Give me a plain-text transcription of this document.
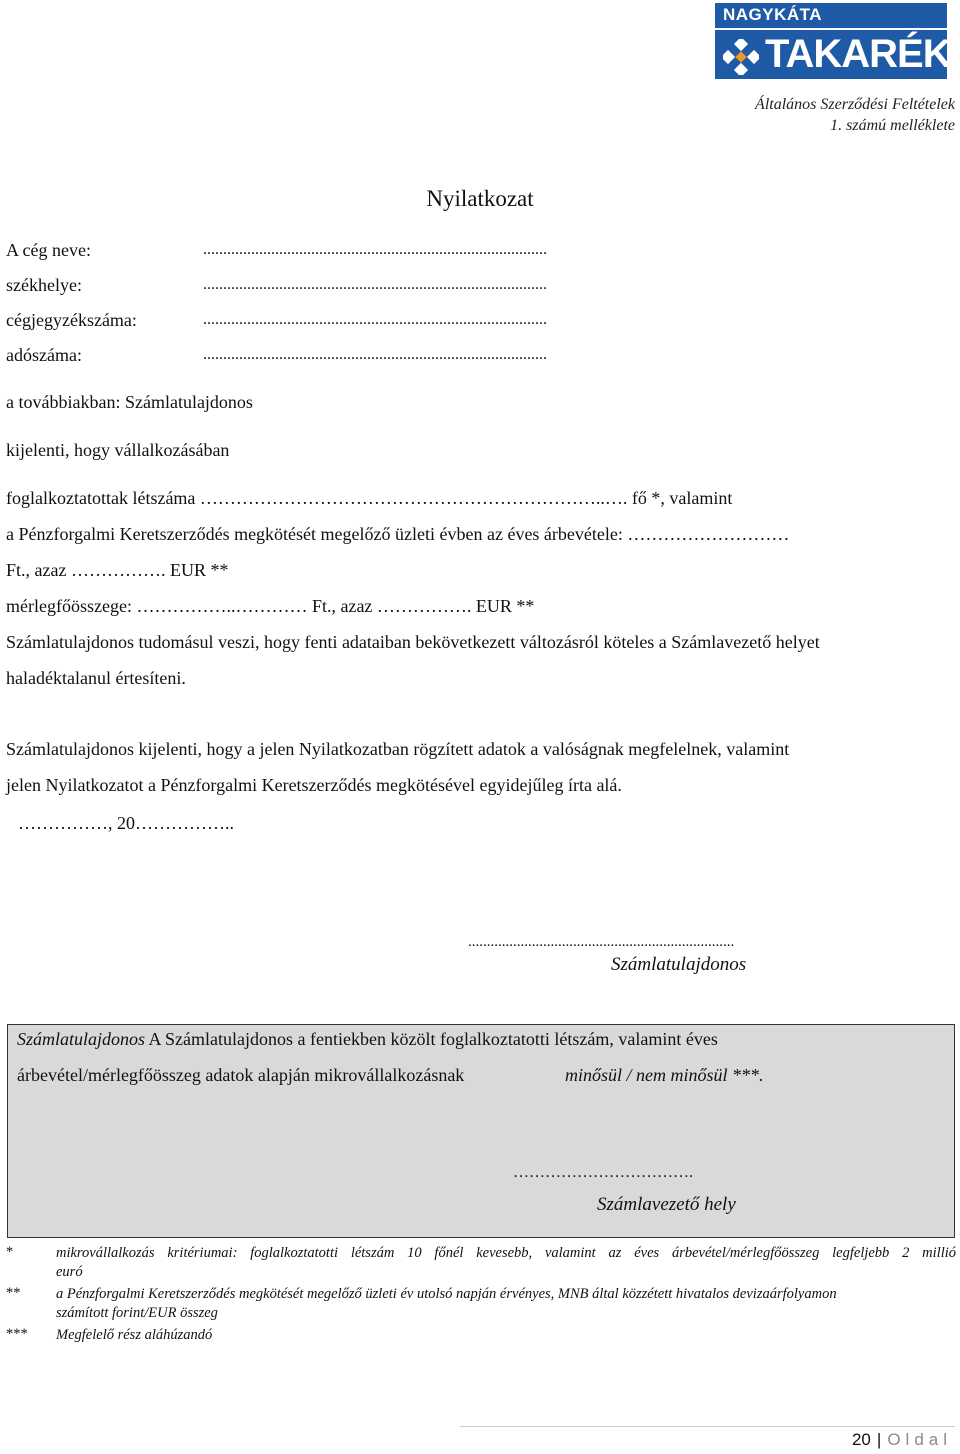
NAGYKÁTA
TAKARÉK
Általános Szerződési Feltételek
1. számú melléklete
Nyilatkozat
A cég neve:	......................................................................................
székhelye:	......................................................................................
cégjegyzékszáma:	......................................................................................
adószáma:	......................................................................................
a továbbiakban: Számlatulajdonos
kijelenti, hogy vállalkozásában
foglalkoztatottak létszáma …………………………………………………………..…. fő *, valamint
a Pénzforgalmi Keretszerződés megkötését megelőző üzleti évben az éves árbevétele: ………………………
Ft., azaz ……………. EUR **
mérlegfőösszege: ……………..………… Ft., azaz ……………. EUR **
Számlatulajdonos tudomásul veszi, hogy fenti adataiban bekövetkezett változásról köteles a Számlavezető helyet
haladéktalanul értesíteni.
Számlatulajdonos kijelenti, hogy a jelen Nyilatkozatban rögzített adatok a valóságnak megfelelnek, valamint
jelen Nyilatkozatot a Pénzforgalmi Keretszerződés megkötésével egyidejűleg írta alá.
……………, 20……………..
.......................................................................
Számlatulajdonos
Számlatulajdonos A Számlatulajdonos a fentiekben közölt foglalkoztatotti létszám, valamint éves
árbevétel/mérlegfőösszeg adatok alapján mikrovállalkozásnak	minősül / nem minősül ***.
…………………………….
Számlavezető hely
*	mikrovállalkozás kritériumai: foglalkoztatotti létszám 10 főnél kevesebb, valamint az éves árbevétel/mérlegfőösszeg legfeljebb 2 millió
euró
** a Pénzforgalmi Keretszerződés megkötését megelőző üzleti év utolsó napján érvényes, MNB által közzétett hivatalos devizaárfolyamon
számított forint/EUR összeg
*** Megfelelő rész aláhúzandó
20 | Oldal
